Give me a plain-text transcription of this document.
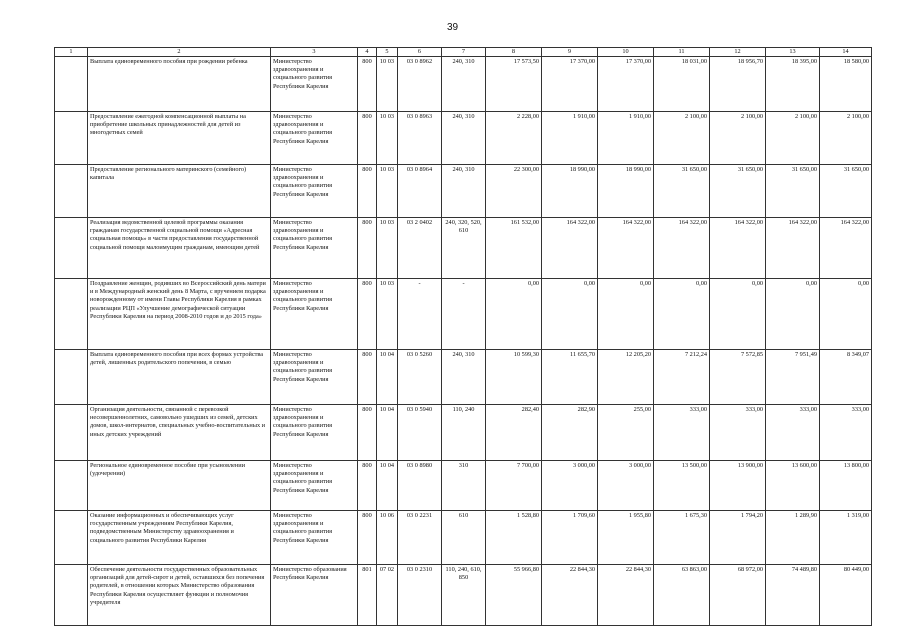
39
1	2	3	4	5	6	7	8	9	10	11	12	13	14
	Выплата единовременного пособия при рождении ребенка	Министерство здравоохранения и социального развития Республики Карелия	800	10 03	03 0 8962	240, 310	17 573,50	17 370,00	17 370,00	18 031,00	18 956,70	18 395,00	18 580,00
	Предоставление ежегодной компенсационной выплаты на приобретение школьных принадлежностей для детей из многодетных семей	Министерство здравоохранения и социального развития Республики Карелия	800	10 03	03 0 8963	240, 310	2 228,00	1 910,00	1 910,00	2 100,00	2 100,00	2 100,00	2 100,00
	Предоставление регионального материнского (семейного) капитала	Министерство здравоохранения и социального развития Республики Карелия	800	10 03	03 0 8964	240, 310	22 300,00	18 990,00	18 990,00	31 650,00	31 650,00	31 650,00	31 650,00
	Реализация ведомственной целевой программы оказания гражданам государственной социальной помощи «Адресная социальная помощь» в части предоставления государственной социальной помощи малоимущим гражданам, имеющим детей	Министерство здравоохранения и социального развития Республики Карелия	800	10 03	03 2 0402	240, 320, 520, 610	161 532,00	164 322,00	164 322,00	164 322,00	164 322,00	164 322,00	164 322,00
	Поздравление женщин, родивших во Всероссийский день матери и в Международный женский день 8 Марта, с вручением подарка новорожденному от имени Главы Республики Карелия в рамках реализации РЦП «Улучшение демографической ситуации Республики Карелия на период 2008-2010 годов и до 2015 года»	Министерство здравоохранения и социального развития Республики Карелия	800	10 03	-	-	0,00	0,00	0,00	0,00	0,00	0,00	0,00
	Выплата единовременного пособия при всех формах устройства детей, лишенных родительского попечения, в семью	Министерство здравоохранения и социального развития Республики Карелия	800	10 04	03 0 5260	240, 310	10 599,30	11 655,70	12 205,20	7 212,24	7 572,85	7 951,49	8 349,07
	Организация деятельности, связанной с перевозкой несовершеннолетних, самовольно ушедших из семей, детских домов, школ-интернатов, специальных учебно-воспитательных и иных детских учреждений	Министерство здравоохранения и социального развития Республики Карелия	800	10 04	03 0 5940	110, 240	282,40	282,90	255,00	333,00	333,00	333,00	333,00
	Региональное единовременное пособие при усыновлении (удочерении)	Министерство здравоохранения и социального развития Республики Карелия	800	10 04	03 0 8980	310	7 700,00	3 000,00	3 000,00	13 500,00	13 900,00	13 600,00	13 800,00
	Оказание информационных и обеспечивающих услуг государственным учреждениям Республики Карелия, подведомственным Министерству здравоохранения и социального развития Республики Карелия	Министерство здравоохранения и социального развития Республики Карелия	800	10 06	03 0 2231	610	1 528,80	1 709,60	1 955,80	1 675,30	1 794,20	1 289,90	1 319,00
	Обеспечение деятельности государственных образовательных организаций для детей-сирот и детей, оставшихся без попечения родителей, в отношении которых Министерство образования Республики Карелия осуществляет функции и полномочия учредителя	Министерство образования Республики Карелия	801	07 02	03 0 2310	110, 240, 610, 850	55 966,80	22 844,30	22 844,30	63 863,00	68 972,00	74 489,80	80 449,00
